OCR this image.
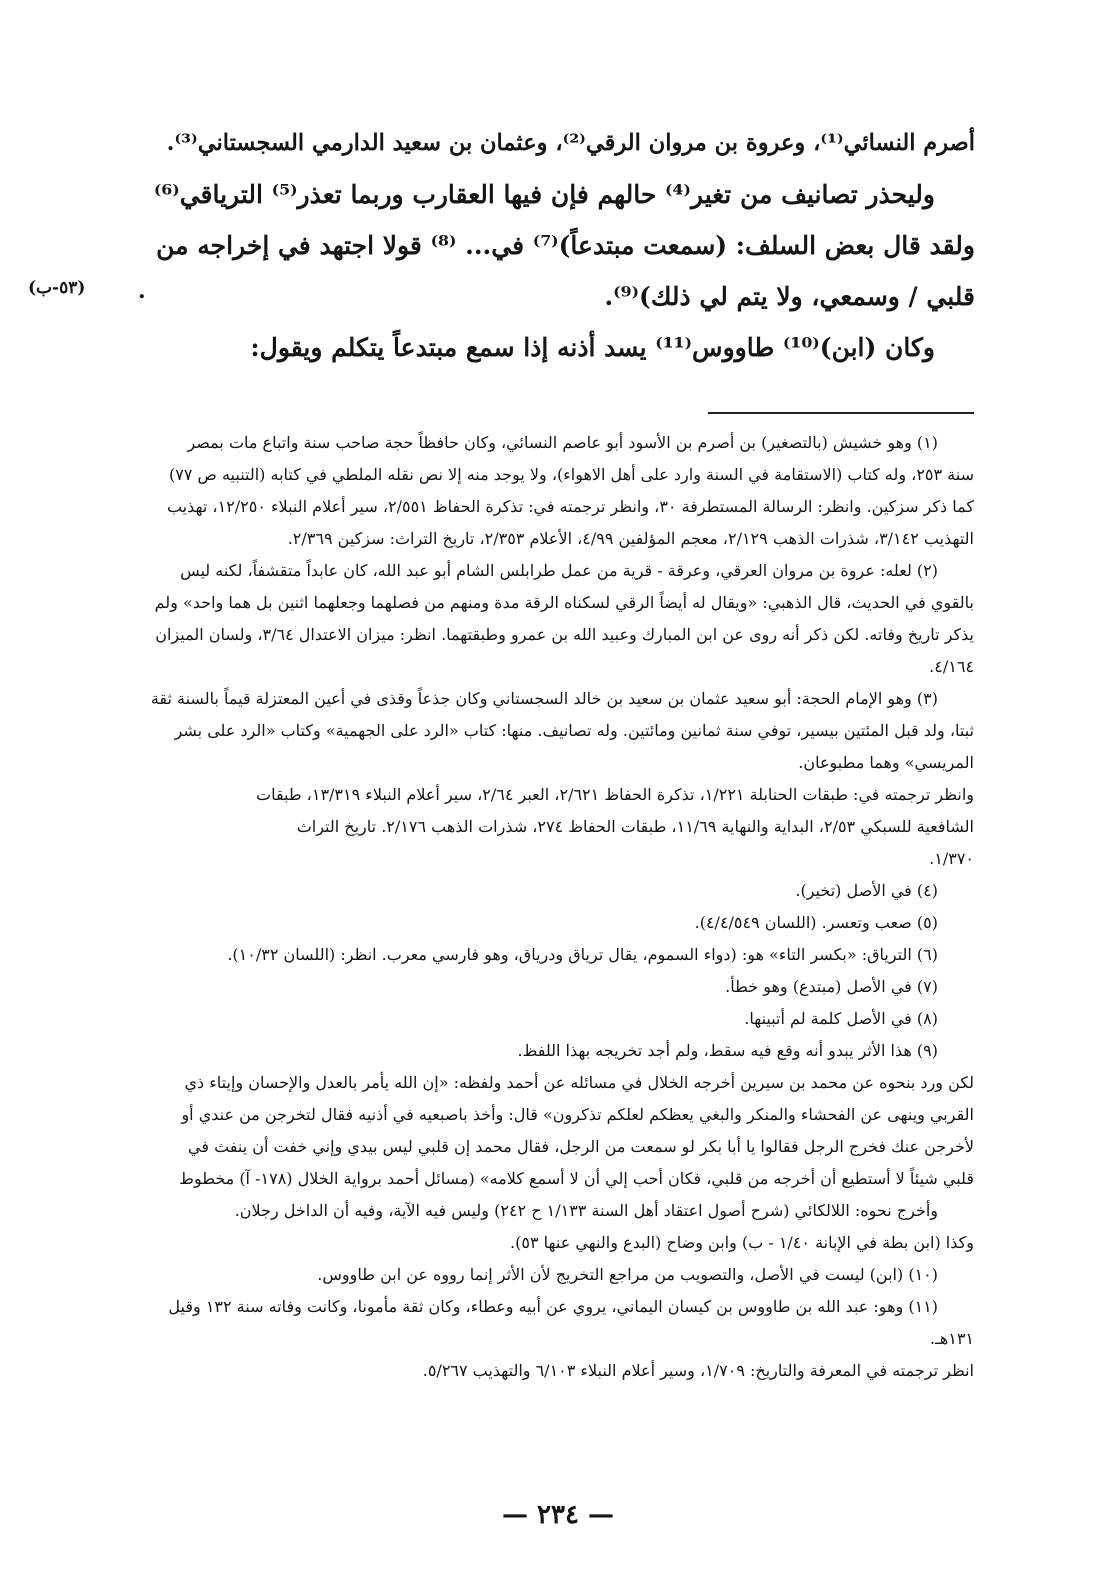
أصرم النسائي⁽¹⁾، وعروة بن مروان الرقي⁽²⁾، وعثمان بن سعيد الدارمي السجستاني⁽³⁾.

وليحذر تصانيف من تغير⁽⁴⁾ حالهم فإن فيها العقارب وربما تعذر⁽⁵⁾ الترياقي⁽⁶⁾

ولقد قال بعض السلف: (سمعت مبتدعاً)⁽⁷⁾ في... ⁽⁸⁾ قولا اجتهد في إخراجه من

قلبي / وسمعي، ولا يتم لي ذلك)⁽⁹⁾.

وكان (ابن)⁽¹⁰⁾ طاووس⁽¹¹⁾ يسد أذنه إذا سمع مبتدعاً يتكلم ويقول:

(٥٣-ب) .

(١) وهو خشيش (بالتصغير) بن أصرم بن الأسود أبو عاصم النسائي، وكان حافظاً حجة صاحب سنة واتباع مات بمصر

سنة ٢٥٣، وله كتاب (الاستقامة في السنة وارد على أهل الاهواء)، ولا يوجد منه إلا نص نقله الملطي في كتابه (التنبيه ص ٧٧)

كما ذكر سزكين. وانظر: الرسالة المستطرفة ٣٠، وانظر ترجمته في: تذكرة الحفاظ ٢/٥٥١، سير أعلام النبلاء ١٢/٢٥٠، تهذيب

التهذيب ٣/١٤٢، شذرات الذهب ٢/١٢٩، معجم المؤلفين ٤/٩٩، الأعلام ٢/٣٥٣، تاريخ التراث: سزكين ٢/٣٦٩.

(٢) لعله: عروة بن مروان العرقي، وعرقة - قرية من عمل طرابلس الشام أبو عبد الله، كان عابداً متقشفاً، لكنه ليس

بالقوي في الحديث، قال الذهبي: «ويقال له أيضاً الرقي لسكناه الرقة مدة ومنهم من فصلهما وجعلهما اثنين بل هما واحد» ولم

يذكر تاريخ وفاته. لكن ذكر أنه روى عن ابن المبارك وعبيد الله بن عمرو وطبقتهما. انظر: ميزان الاعتدال ٣/٦٤، ولسان الميزان

٤/١٦٤.

(٣) وهو الإمام الحجة: أبو سعيد عثمان بن سعيد بن خالد السجستاني وكان جذعاً وقذى في أعين المعتزلة قيماً بالسنة ثقة

ثبتا، ولد قبل المئتين بيسير، توفي سنة ثمانين ومائتين. وله تصانيف. منها: كتاب «الرد على الجهمية» وكتاب «الرد على بشر

المريسي» وهما مطبوعان.

وانظر ترجمته في: طبقات الحنابلة ١/٢٢١، تذكرة الحفاظ ٢/٦٢١، العبر ٢/٦٤، سير أعلام النبلاء ١٣/٣١٩، طبقات

الشافعية للسبكي ٢/٥٣، البداية والنهاية ١١/٦٩، طبقات الحفاظ ٢٧٤، شذرات الذهب ٢/١٧٦. تاريخ التراث

١/٣٧٠.

(٤) في الأصل (تخير).

(٥) صعب وتعسر. (اللسان ٤/٤/٥٤٩).

(٦) الترياق: «بكسر التاء» هو: (دواء السموم، يقال ترياق ودرياق، وهو فارسي معرب. انظر: (اللسان ١٠/٣٢).

(٧) في الأصل (مبتدع) وهو خطأ.

(٨) في الأصل كلمة لم أتبينها.

(٩) هذا الأثر يبدو أنه وقع فيه سقط، ولم أجد تخريجه بهذا اللفظ.

لكن ورد بنحوه عن محمد بن سيرين أخرجه الخلال في مسائله عن أحمد ولفظه: «إن الله يأمر بالعدل والإحسان وإيتاء ذي

القربي وينهى عن الفحشاء والمنكر والبغي يعظكم لعلكم تذكرون» قال: وأخذ باصبعيه في أذنيه فقال لتخرجن من عندي أو

لأخرجن عنك فخرج الرجل فقالوا يا أبا بكر لو سمعت من الرجل، فقال محمد إن قلبي ليس بيدي وإني خفت أن ينفث في

قلبي شيئاً لا أستطيع أن أخرجه من قلبي، فكان أحب إلي أن لا أسمع كلامه» (مسائل أحمد برواية الخلال (١٧٨- آ) مخطوط

وأخرج نحوه: اللالكائي (شرح أصول اعتقاد أهل السنة ١/١٣٣ ح ٢٤٢) وليس فيه الآية، وفيه أن الداخل رجلان.

وكذا (ابن بطة في الإبانة ١/٤٠ - ب) وابن وضاح (البدع والنهي عنها ٥٣).

(١٠) (ابن) ليست في الأصل، والتصويب من مراجع التخريج لأن الأثر إنما رووه عن ابن طاووس.

(١١) وهو: عبد الله بن طاووس بن كيسان اليماني، يروي عن أبيه وعطاء، وكان ثقة مأمونا، وكانت وفاته سنة ١٣٢ وقيل

١٣١هـ.

انظر ترجمته في المعرفة والتاريخ: ١/٧٠٩، وسير أعلام النبلاء ٦/١٠٣ والتهذيب ٥/٢٦٧.

— ٢٣٤ —
